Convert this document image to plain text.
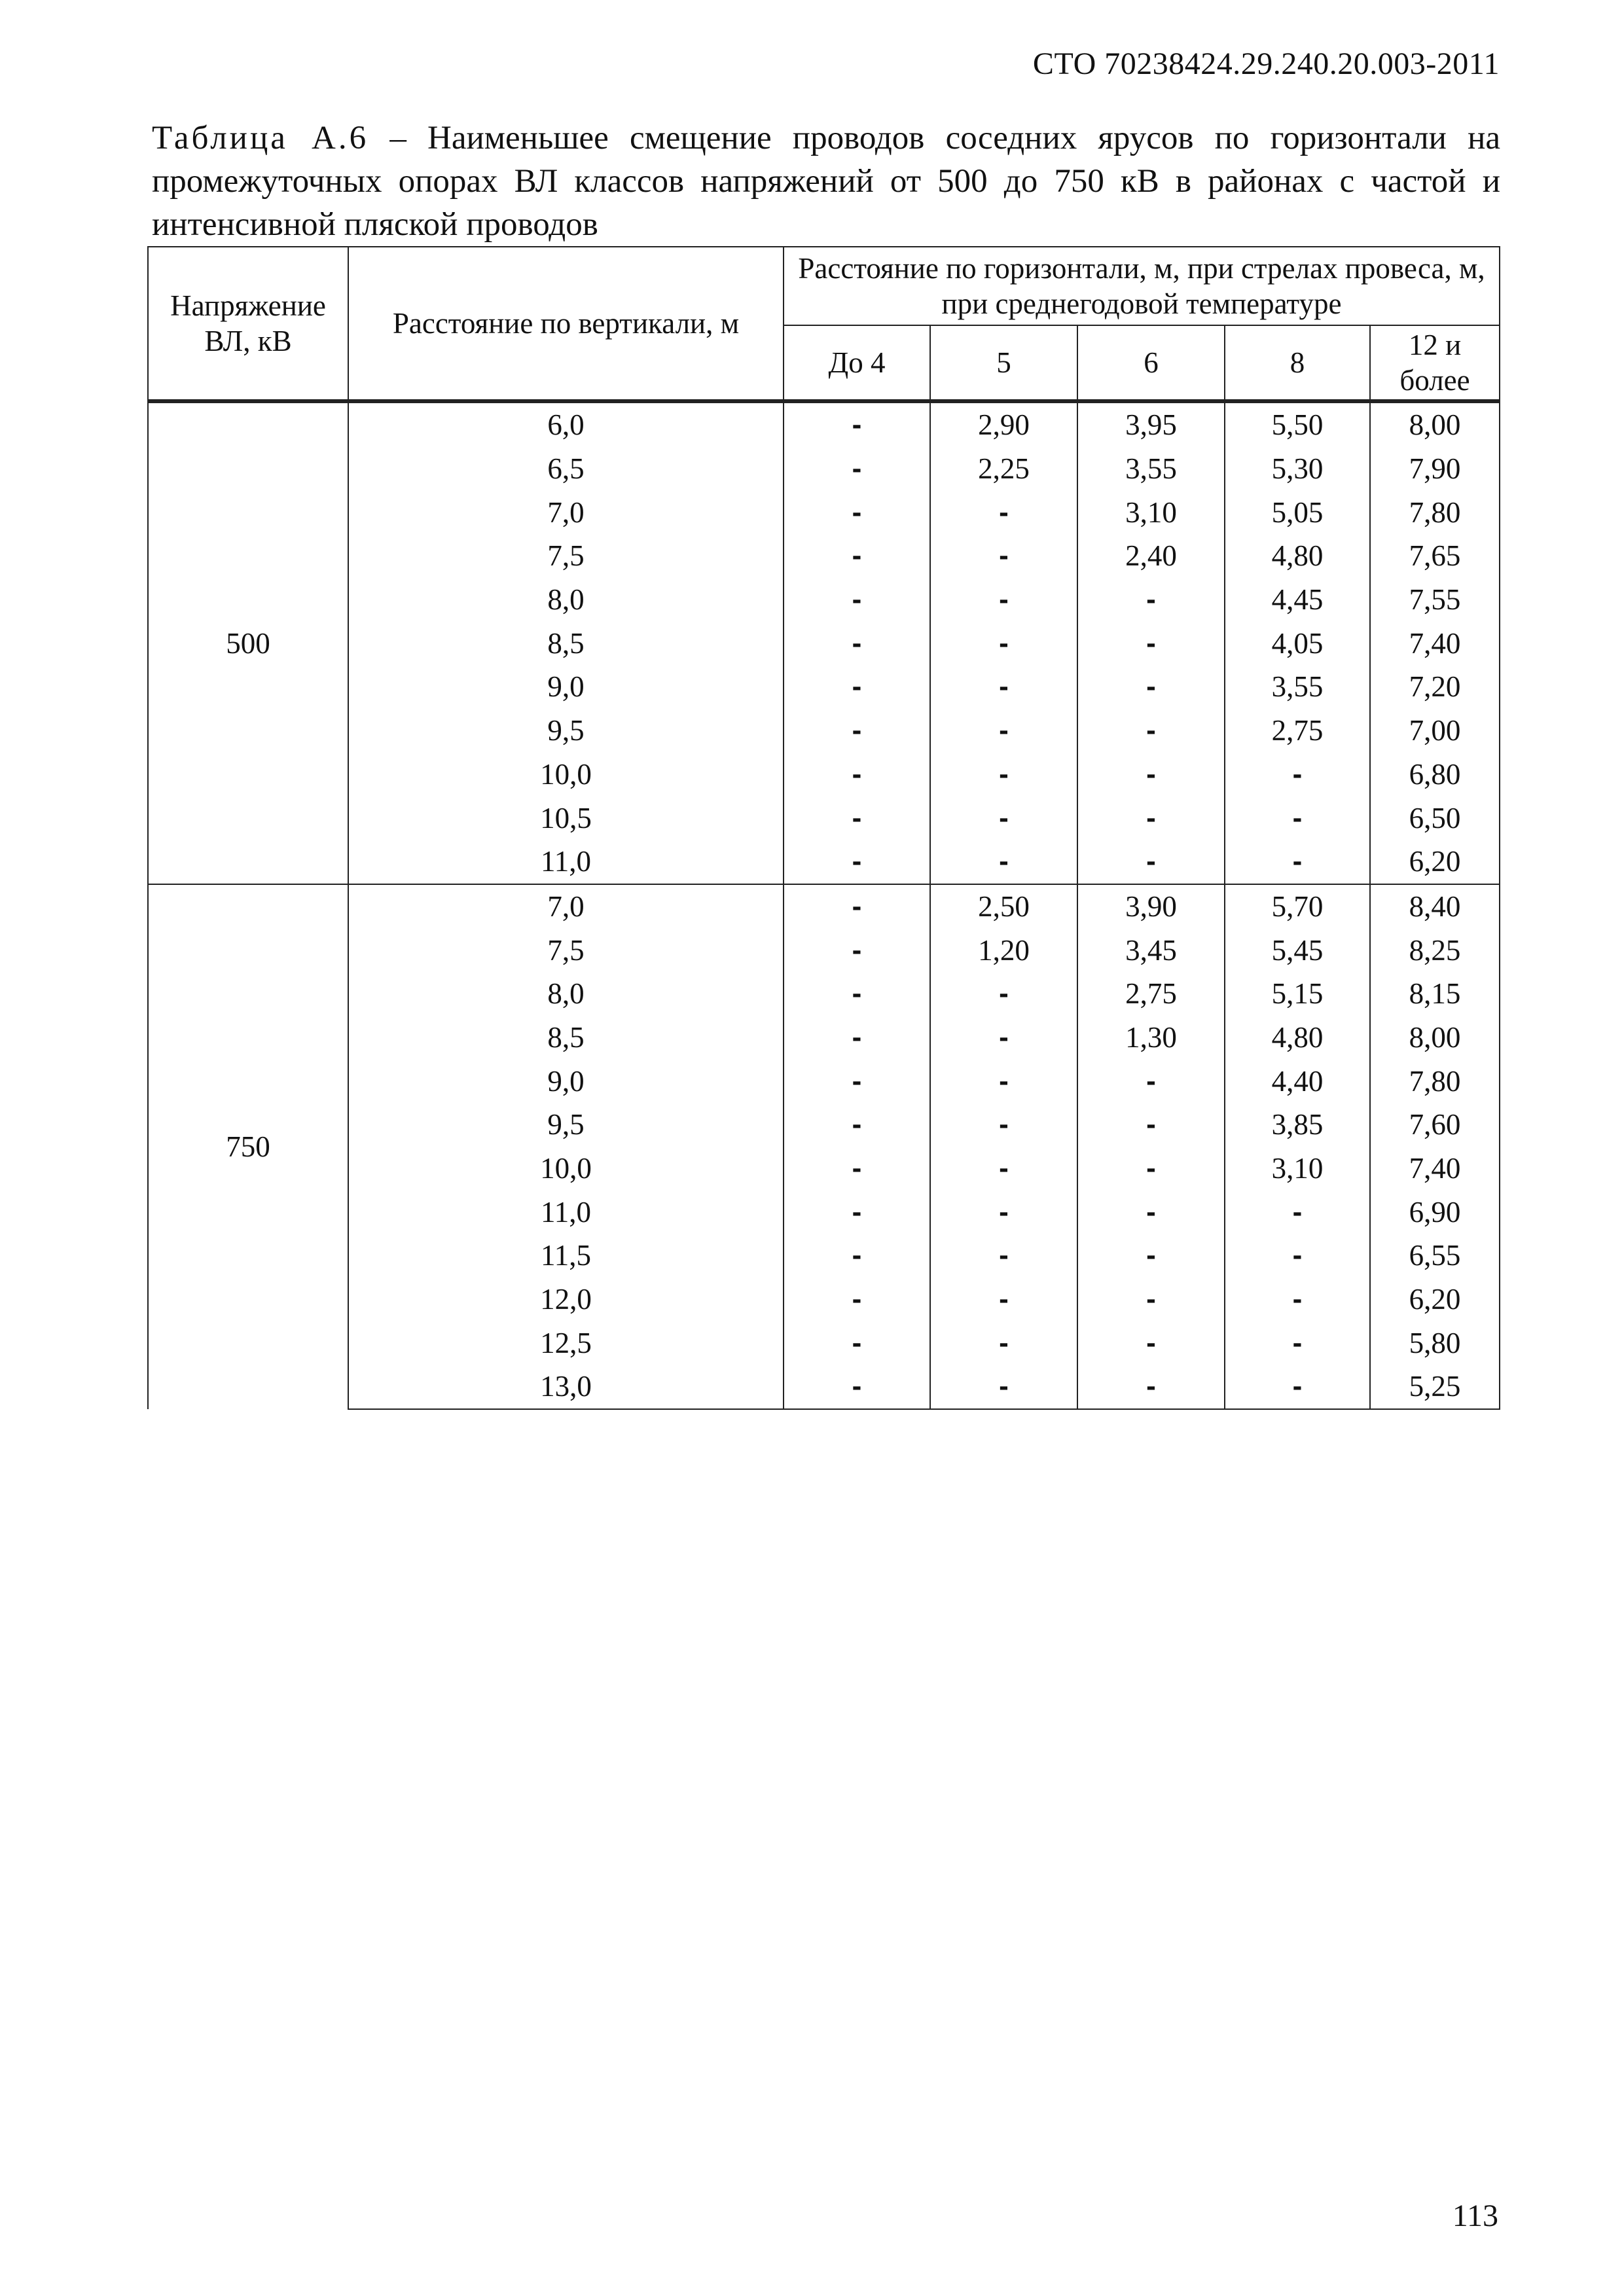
СТО 70238424.29.240.20.003-2011
Таблица А.6 – Наименьшее смещение проводов соседних ярусов по горизонтали на промежуточных опорах ВЛ классов напряжений от 500 до 750 кВ в районах с частой и интенсивной пляской проводов
Напряжение ВЛ, кВ	Расстояние по вертикали, м	Расстояние по горизонтали, м, при стрелах провеса, м, при среднегодовой температуре				
		До 4	5	6	8	12 и более
500	6,0	-	2,90	3,95	5,50	8,00
	6,5	-	2,25	3,55	5,30	7,90
	7,0	-	-	3,10	5,05	7,80
	7,5	-	-	2,40	4,80	7,65
	8,0	-	-	-	4,45	7,55
	8,5	-	-	-	4,05	7,40
	9,0	-	-	-	3,55	7,20
	9,5	-	-	-	2,75	7,00
	10,0	-	-	-	-	6,80
	10,5	-	-	-	-	6,50
	11,0	-	-	-	-	6,20
750	7,0	-	2,50	3,90	5,70	8,40
	7,5	-	1,20	3,45	5,45	8,25
	8,0	-	-	2,75	5,15	8,15
	8,5	-	-	1,30	4,80	8,00
	9,0	-	-	-	4,40	7,80
	9,5	-	-	-	3,85	7,60
	10,0	-	-	-	3,10	7,40
	11,0	-	-	-	-	6,90
	11,5	-	-	-	-	6,55
	12,0	-	-	-	-	6,20
	12,5	-	-	-	-	5,80
	13,0	-	-	-	-	5,25
113
